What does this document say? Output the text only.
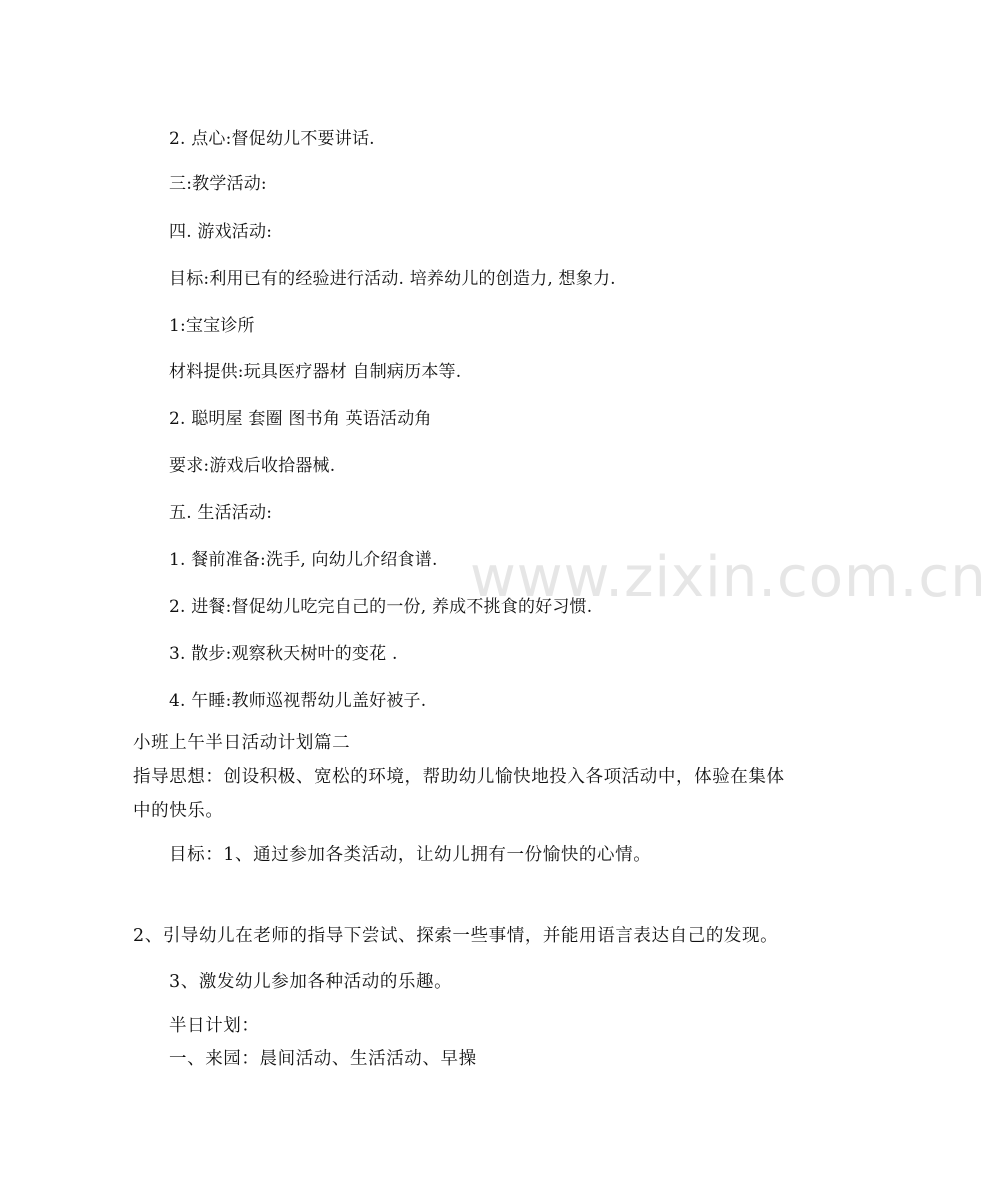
www.zixin.com.cn
2. 点心:督促幼儿不要讲话.
三:教学活动:
四. 游戏活动:
目标:利用已有的经验进行活动. 培养幼儿的创造力, 想象力.
1:宝宝诊所
材料提供:玩具医疗器材 自制病历本等.
2. 聪明屋 套圈 图书角 英语活动角
要求:游戏后收拾器械.
五. 生活活动:
1. 餐前准备:洗手, 向幼儿介绍食谱.
2. 进餐:督促幼儿吃完自己的一份, 养成不挑食的好习惯.
3. 散步:观察秋天树叶的变花 .
4. 午睡:教师巡视帮幼儿盖好被子.
小班上午半日活动计划篇二
指导思想：创设积极、宽松的环境，帮助幼儿愉快地投入各项活动中，体验在集体
中的快乐。
目标：1、通过参加各类活动，让幼儿拥有一份愉快的心情。
2、引导幼儿在老师的指导下尝试、探索一些事情，并能用语言表达自己的发现。
3、激发幼儿参加各种活动的乐趣。
半日计划：
一、来园：晨间活动、生活活动、早操
